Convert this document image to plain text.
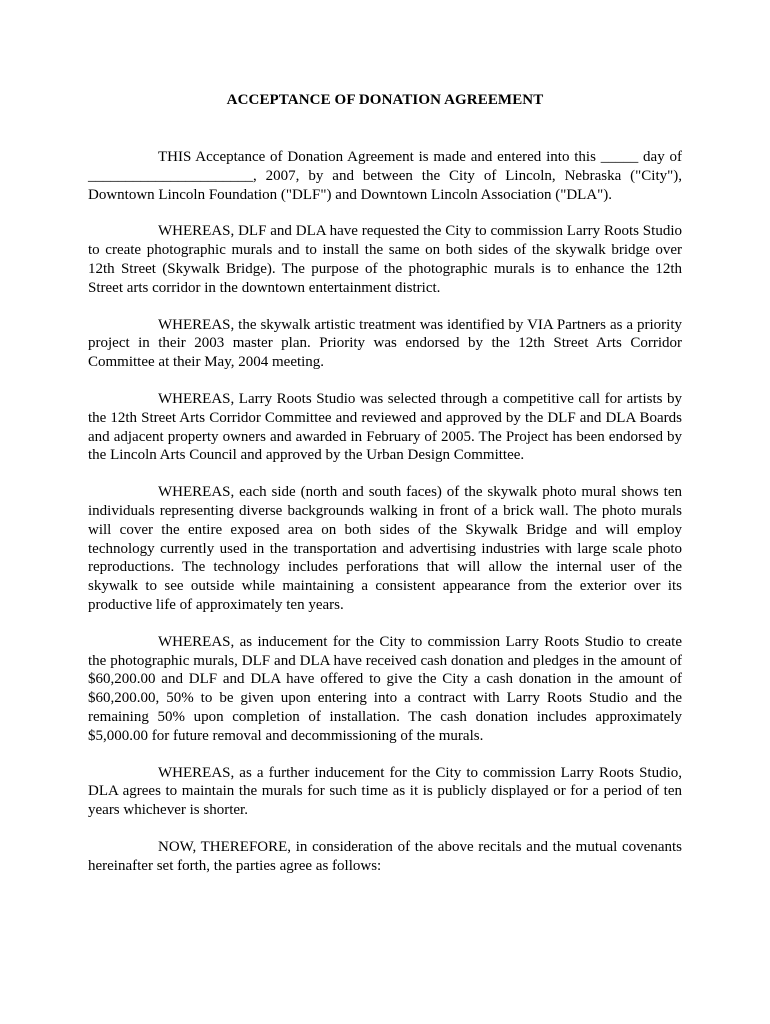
ACCEPTANCE OF DONATION AGREEMENT

THIS Acceptance of Donation Agreement is made and entered into this _____ day of ______________________, 2007, by and between the City of Lincoln, Nebraska ("City"), Downtown Lincoln Foundation ("DLF") and Downtown Lincoln Association ("DLA").

WHEREAS, DLF and DLA have requested the City to commission Larry Roots Studio to create photographic murals and to install the same on both sides of the skywalk bridge over 12th Street (Skywalk Bridge). The purpose of the photographic murals is to enhance the 12th Street arts corridor in the downtown entertainment district.

WHEREAS, the skywalk artistic treatment was identified by VIA Partners as a priority project in their 2003 master plan. Priority was endorsed by the 12th Street Arts Corridor Committee at their May, 2004 meeting.

WHEREAS, Larry Roots Studio was selected through a competitive call for artists by the 12th Street Arts Corridor Committee and reviewed and approved by the DLF and DLA Boards and adjacent property owners and awarded in February of 2005. The Project has been endorsed by the Lincoln Arts Council and approved by the Urban Design Committee.

WHEREAS, each side (north and south faces) of the skywalk photo mural shows ten individuals representing diverse backgrounds walking in front of a brick wall. The photo murals will cover the entire exposed area on both sides of the Skywalk Bridge and will employ technology currently used in the transportation and advertising industries with large scale photo reproductions. The technology includes perforations that will allow the internal user of the skywalk to see outside while maintaining a consistent appearance from the exterior over its productive life of approximately ten years.

WHEREAS, as inducement for the City to commission Larry Roots Studio to create the photographic murals, DLF and DLA have received cash donation and pledges in the amount of $60,200.00 and DLF and DLA have offered to give the City a cash donation in the amount of $60,200.00, 50% to be given upon entering into a contract with Larry Roots Studio and the remaining 50% upon completion of installation. The cash donation includes approximately $5,000.00 for future removal and decommissioning of the murals.

WHEREAS, as a further inducement for the City to commission Larry Roots Studio, DLA agrees to maintain the murals for such time as it is publicly displayed or for a period of ten years whichever is shorter.

NOW, THEREFORE, in consideration of the above recitals and the mutual covenants hereinafter set forth, the parties agree as follows:
